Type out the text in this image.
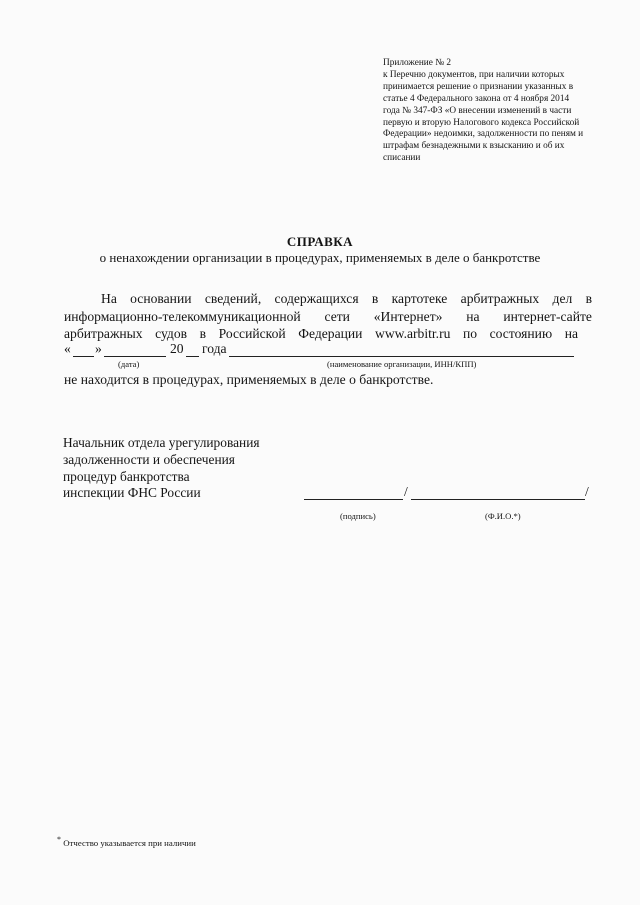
Приложение № 2
к Перечню документов, при наличии которых
принимается решение о признании указанных в
статье 4 Федерального закона от 4 ноября 2014
года № 347-ФЗ «О внесении изменений в части
первую и вторую Налогового кодекса Российской
Федерации» недоимки, задолженности по пеням и
штрафам безнадежными к взысканию и об их
списании
СПРАВКА
о ненахождении организации в процедурах, применяемых в деле о банкротстве
На основании сведений, содержащихся в картотеке арбитражных дел в
информационно-телекоммуникационной сети «Интернет» на интернет-сайте
арбитражных судов в Российской Федерации www.arbitr.ru по состоянию на
« »	20 года
(дата)	(наименование организации, ИНН/КПП)
не находится в процедурах, применяемых в деле о банкротстве.
Начальник отдела урегулирования
задолженности и обеспечения
процедур банкротства
инспекции ФНС России	/	/
(подпись)	(Ф.И.О.*)
* Отчество указывается при наличии
